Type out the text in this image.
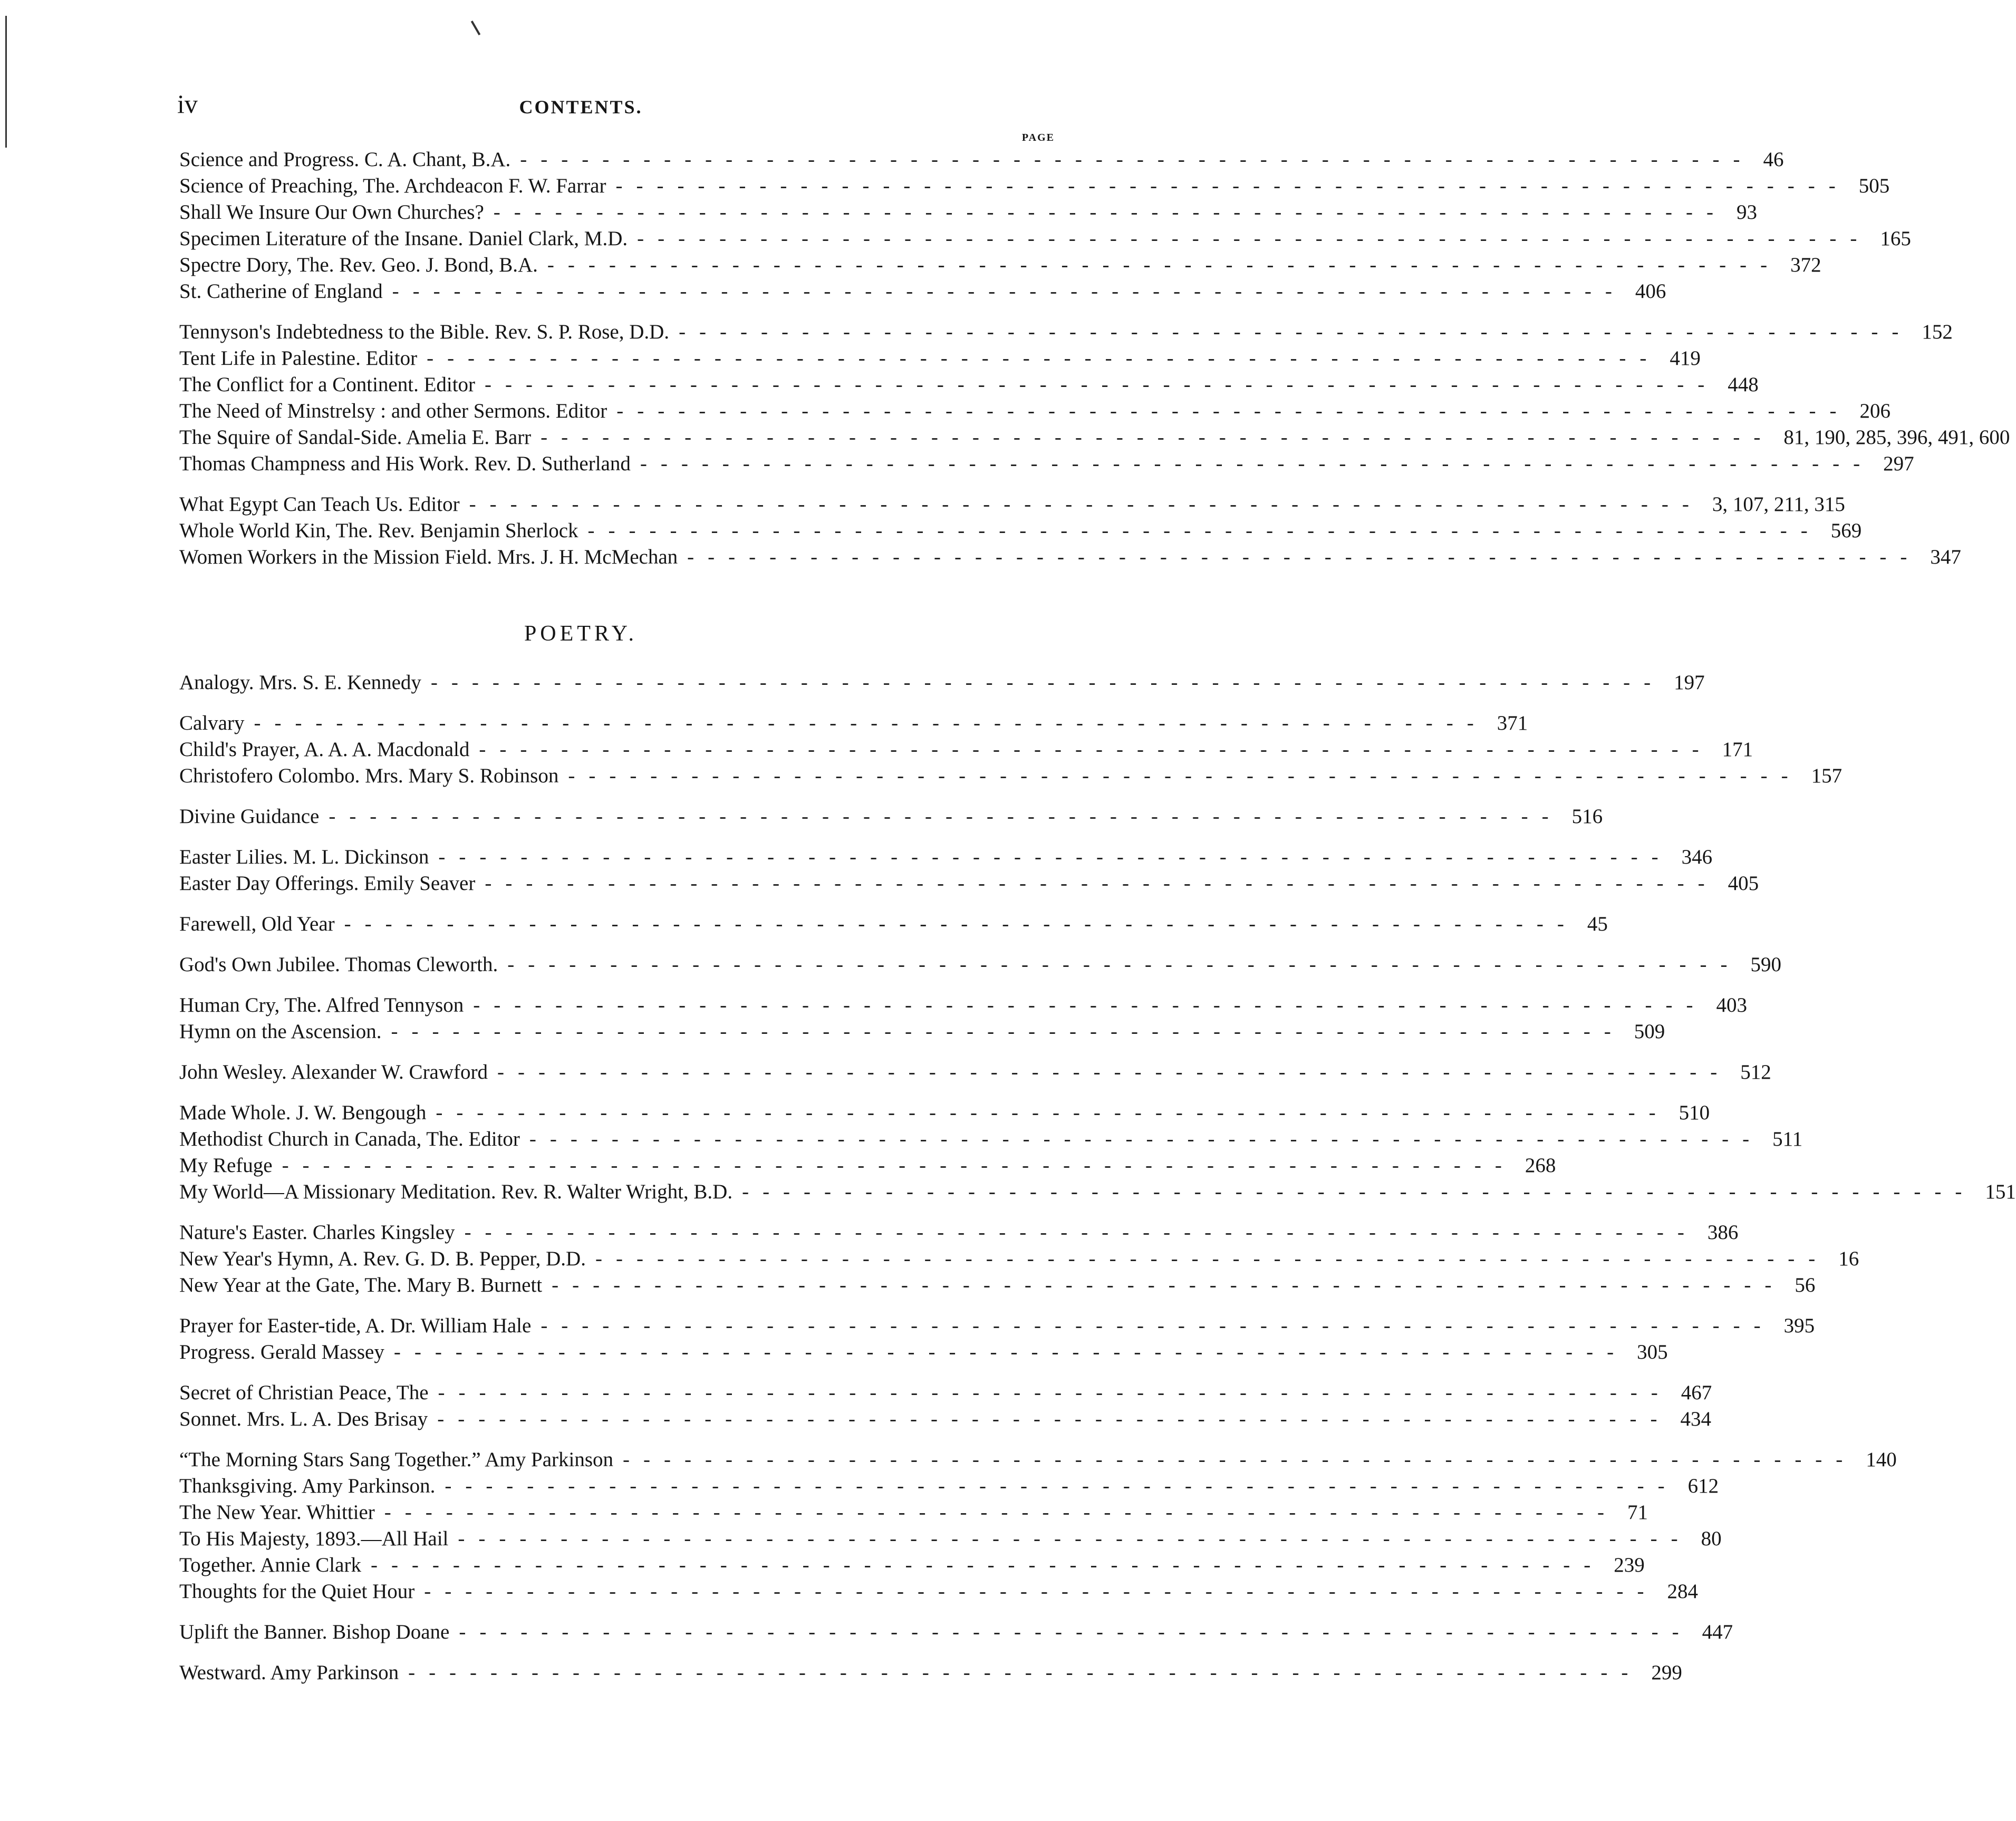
iv	CONTENTS.
PAGE
Science and Progress. C. A. Chant, B.A. ------------------------------------------------------------ 46
Science of Preaching, The. Archdeacon F. W. Farrar ------------------------------------------------------------ 505
Shall We Insure Our Own Churches? ------------------------------------------------------------ 93
Specimen Literature of the Insane. Daniel Clark, M.D. ------------------------------------------------------------ 165
Spectre Dory, The. Rev. Geo. J. Bond, B.A. ------------------------------------------------------------ 372
St. Catherine of England ------------------------------------------------------------ 406
Tennyson's Indebtedness to the Bible. Rev. S. P. Rose, D.D. ------------------------------------------------------------ 152
Tent Life in Palestine. Editor ------------------------------------------------------------ 419
The Conflict for a Continent. Editor ------------------------------------------------------------ 448
The Need of Minstrelsy : and other Sermons. Editor ------------------------------------------------------------ 206
The Squire of Sandal-Side. Amelia E. Barr ------------------------------------------------------------ 81, 190, 285, 396, 491, 600
Thomas Champness and His Work. Rev. D. Sutherland ------------------------------------------------------------ 297
What Egypt Can Teach Us. Editor ------------------------------------------------------------ 3, 107, 211, 315
Whole World Kin, The. Rev. Benjamin Sherlock ------------------------------------------------------------ 569
Women Workers in the Mission Field. Mrs. J. H. McMechan ------------------------------------------------------------ 347
POETRY.
Analogy. Mrs. S. E. Kennedy ------------------------------------------------------------ 197
Calvary ------------------------------------------------------------ 371
Child's Prayer, A. A. A. Macdonald ------------------------------------------------------------ 171
Christofero Colombo. Mrs. Mary S. Robinson ------------------------------------------------------------ 157
Divine Guidance ------------------------------------------------------------ 516
Easter Lilies. M. L. Dickinson ------------------------------------------------------------ 346
Easter Day Offerings. Emily Seaver ------------------------------------------------------------ 405
Farewell, Old Year ------------------------------------------------------------ 45
God's Own Jubilee. Thomas Cleworth. ------------------------------------------------------------ 590
Human Cry, The. Alfred Tennyson ------------------------------------------------------------ 403
Hymn on the Ascension. ------------------------------------------------------------ 509
John Wesley. Alexander W. Crawford ------------------------------------------------------------ 512
Made Whole. J. W. Bengough ------------------------------------------------------------ 510
Methodist Church in Canada, The. Editor ------------------------------------------------------------ 511
My Refuge ------------------------------------------------------------ 268
My World—A Missionary Meditation. Rev. R. Walter Wright, B.D. ------------------------------------------------------------ 151
Nature's Easter. Charles Kingsley ------------------------------------------------------------ 386
New Year's Hymn, A. Rev. G. D. B. Pepper, D.D. ------------------------------------------------------------ 16
New Year at the Gate, The. Mary B. Burnett ------------------------------------------------------------ 56
Prayer for Easter-tide, A. Dr. William Hale ------------------------------------------------------------ 395
Progress. Gerald Massey ------------------------------------------------------------ 305
Secret of Christian Peace, The ------------------------------------------------------------ 467
Sonnet. Mrs. L. A. Des Brisay ------------------------------------------------------------ 434
“The Morning Stars Sang Together.” Amy Parkinson ------------------------------------------------------------ 140
Thanksgiving. Amy Parkinson. ------------------------------------------------------------ 612
The New Year. Whittier ------------------------------------------------------------ 71
To His Majesty, 1893.—All Hail ------------------------------------------------------------ 80
Together. Annie Clark ------------------------------------------------------------ 239
Thoughts for the Quiet Hour ------------------------------------------------------------ 284
Uplift the Banner. Bishop Doane ------------------------------------------------------------ 447
Westward. Amy Parkinson ------------------------------------------------------------ 299
